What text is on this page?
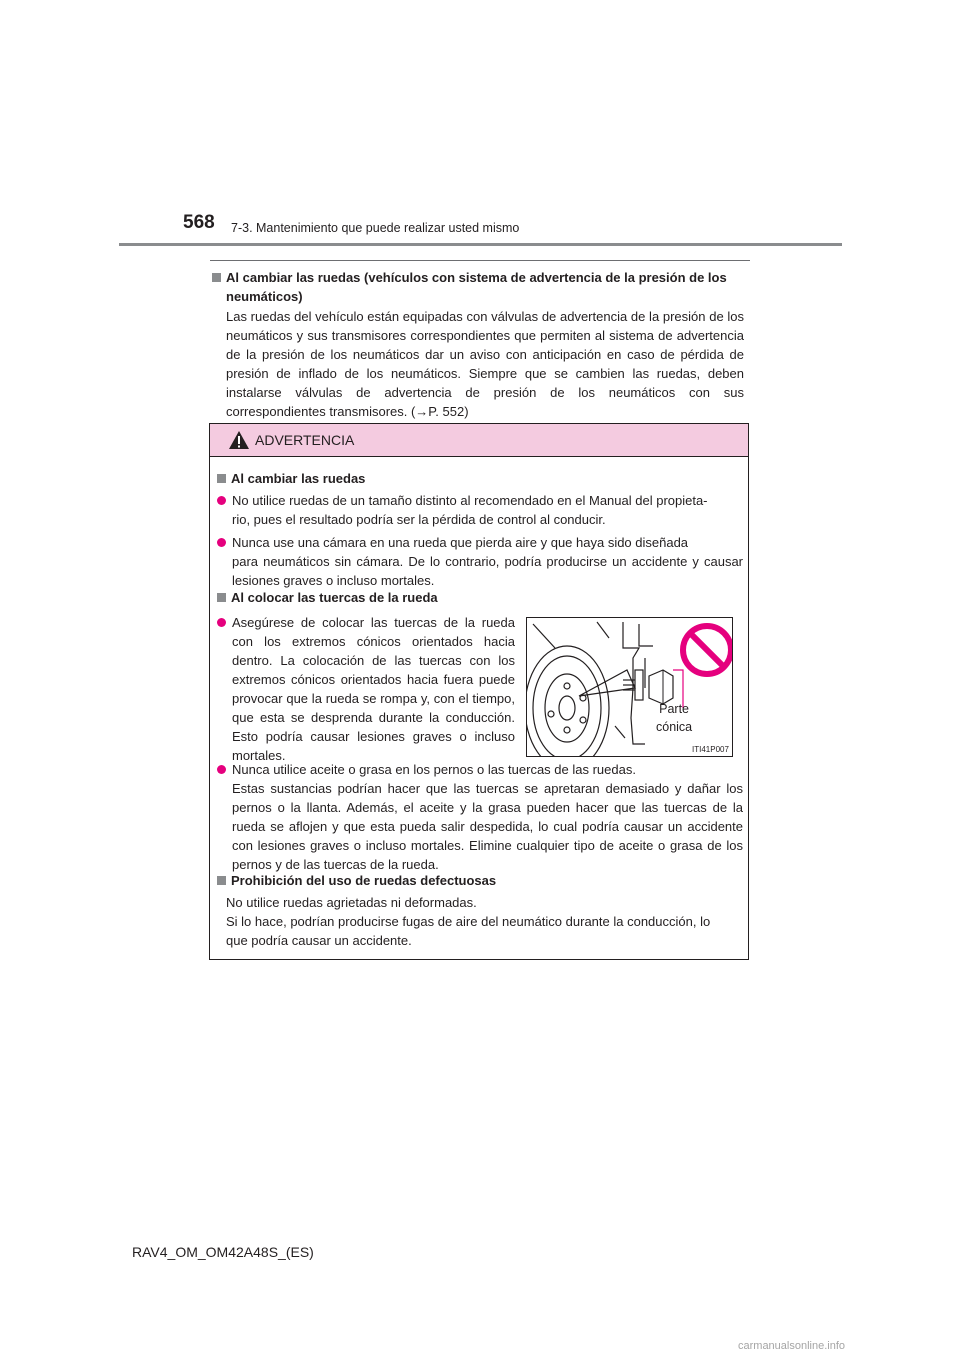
568 7-3. Mantenimiento que puede realizar usted mismo
Al cambiar las ruedas (vehículos con sistema de advertencia de la presión de los
neumáticos)
Las ruedas del vehículo están equipadas con válvulas de advertencia de la presión de los neumáticos y sus transmisores correspondientes que permiten al sistema de advertencia de la presión de los neumáticos dar un aviso con anticipación en caso de pérdida de presión de inflado de los neumáticos. Siempre que se cambien las ruedas, deben instalarse válvulas de advertencia de presión de los neumáticos con sus correspondientes transmisores. (→P. 552)
ADVERTENCIA
Al cambiar las ruedas
No utilice ruedas de un tamaño distinto al recomendado en el Manual del propieta-
rio, pues el resultado podría ser la pérdida de control al conducir.
Nunca use una cámara en una rueda que pierda aire y que haya sido diseñada
para neumáticos sin cámara. De lo contrario, podría producirse un accidente y causar lesiones graves o incluso mortales.
Al colocar las tuercas de la rueda
Asegúrese de colocar las tuercas de la rueda con los extremos cónicos orientados hacia dentro. La colocación de las tuercas con los extremos cónicos orientados hacia fuera puede provocar que la rueda se rompa y, con el tiempo, que esta se desprenda durante la conducción. Esto podría causar lesiones graves o incluso mortales.
Parte
cónica
ITI41P007
Nunca utilice aceite o grasa en los pernos o las tuercas de las ruedas.
Estas sustancias podrían hacer que las tuercas se apretaran demasiado y dañar los pernos o la llanta. Además, el aceite y la grasa pueden hacer que las tuercas de la rueda se aflojen y que esta pueda salir despedida, lo cual podría causar un accidente con lesiones graves o incluso mortales. Elimine cualquier tipo de aceite o grasa de los pernos y de las tuercas de la rueda.
Prohibición del uso de ruedas defectuosas
No utilice ruedas agrietadas ni deformadas.
Si lo hace, podrían producirse fugas de aire del neumático durante la conducción, lo
que podría causar un accidente.
RAV4_OM_OM42A48S_(ES)
carmanualsonline.info
